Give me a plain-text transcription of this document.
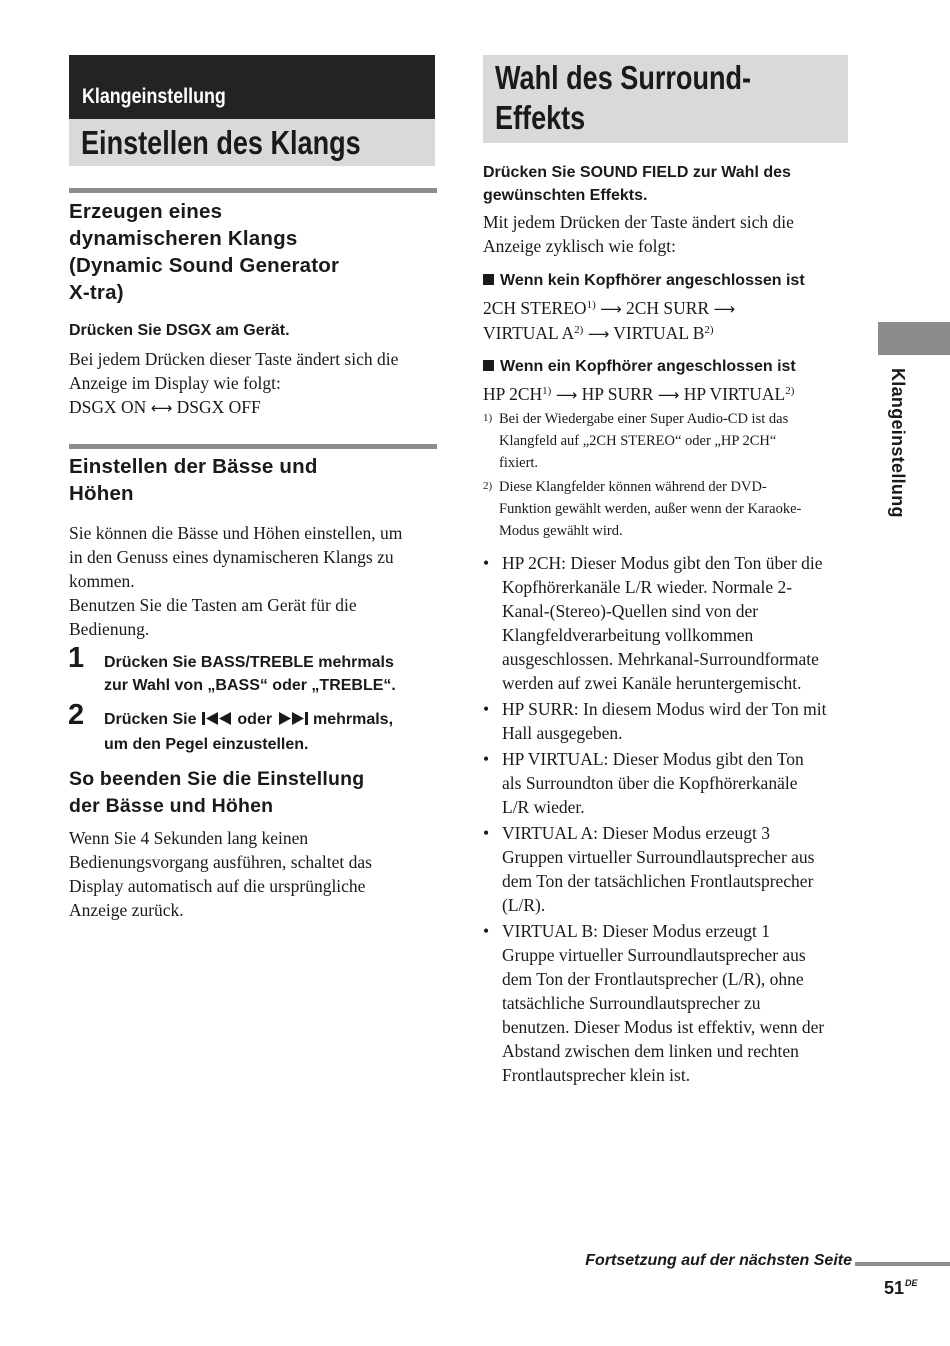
Klangeinstellung
Einstellen des Klangs
Erzeugen eines
dynamischeren Klangs
(Dynamic Sound Generator
X-tra)
Drücken Sie DSGX am Gerät.
Bei jedem Drücken dieser Taste ändert sich die
Anzeige im Display wie folgt:
DSGX ON ⟷ DSGX OFF
Einstellen der Bässe und
Höhen
Sie können die Bässe und Höhen einstellen, um
in den Genuss eines dynamischeren Klangs zu
kommen.
Benutzen Sie die Tasten am Gerät für die
Bedienung.
1 Drücken Sie BASS/TREBLE mehrmals
zur Wahl von „BASS“ oder „TREBLE“.
2 Drücken Sie	oder	mehrmals,
um den Pegel einzustellen.
So beenden Sie die Einstellung
der Bässe und Höhen
Wenn Sie 4 Sekunden lang keinen
Bedienungsvorgang ausführen, schaltet das
Display automatisch auf die ursprüngliche
Anzeige zurück.
Wahl des Surround-
Effekts
Drücken Sie SOUND FIELD zur Wahl des
gewünschten Effekts.
Mit jedem Drücken der Taste ändert sich die
Anzeige zyklisch wie folgt:
Wenn kein Kopfhörer angeschlossen ist
2CH STEREO$^{1)}$ ⟶ 2CH SURR ⟶
VIRTUAL $A^{2)}$ ⟶ VIRTUAL $B^{2)}$
Wenn ein Kopfhörer angeschlossen ist
HP 2CH$^{1)}$ ⟶ HP SURR ⟶ HP VIRTUAL$^{2)}$
1) Bei der Wiedergabe einer Super Audio-CD ist das
Klangfeld auf „2CH STEREO“ oder „HP 2CH“
fixiert.
2) Diese Klangfelder können während der DVD-
Funktion gewählt werden, außer wenn der Karaoke-
Modus gewählt wird.
• HP 2CH: Dieser Modus gibt den Ton über die
Kopfhörerkanäle L/R wieder. Normale 2-
Kanal-(Stereo)-Quellen sind von der
Klangfeldverarbeitung vollkommen
ausgeschlossen. Mehrkanal-Surroundformate
werden auf zwei Kanäle heruntergemischt.
• HP SURR: In diesem Modus wird der Ton mit
Hall ausgegeben.
• HP VIRTUAL: Dieser Modus gibt den Ton
als Surroundton über die Kopfhörerkanäle
L/R wieder.
• VIRTUAL A: Dieser Modus erzeugt 3
Gruppen virtueller Surroundlautsprecher aus
dem Ton der tatsächlichen Frontlautsprecher
(L/R).
• VIRTUAL B: Dieser Modus erzeugt 1
Gruppe virtueller Surroundlautsprecher aus
dem Ton der Frontlautsprecher (L/R), ohne
tatsächliche Surroundlautsprecher zu
benutzen. Dieser Modus ist effektiv, wenn der
Abstand zwischen dem linken und rechten
Frontlautsprecher klein ist.
Klangeinstellung
Fortsetzung auf der nächsten Seite
51DE
